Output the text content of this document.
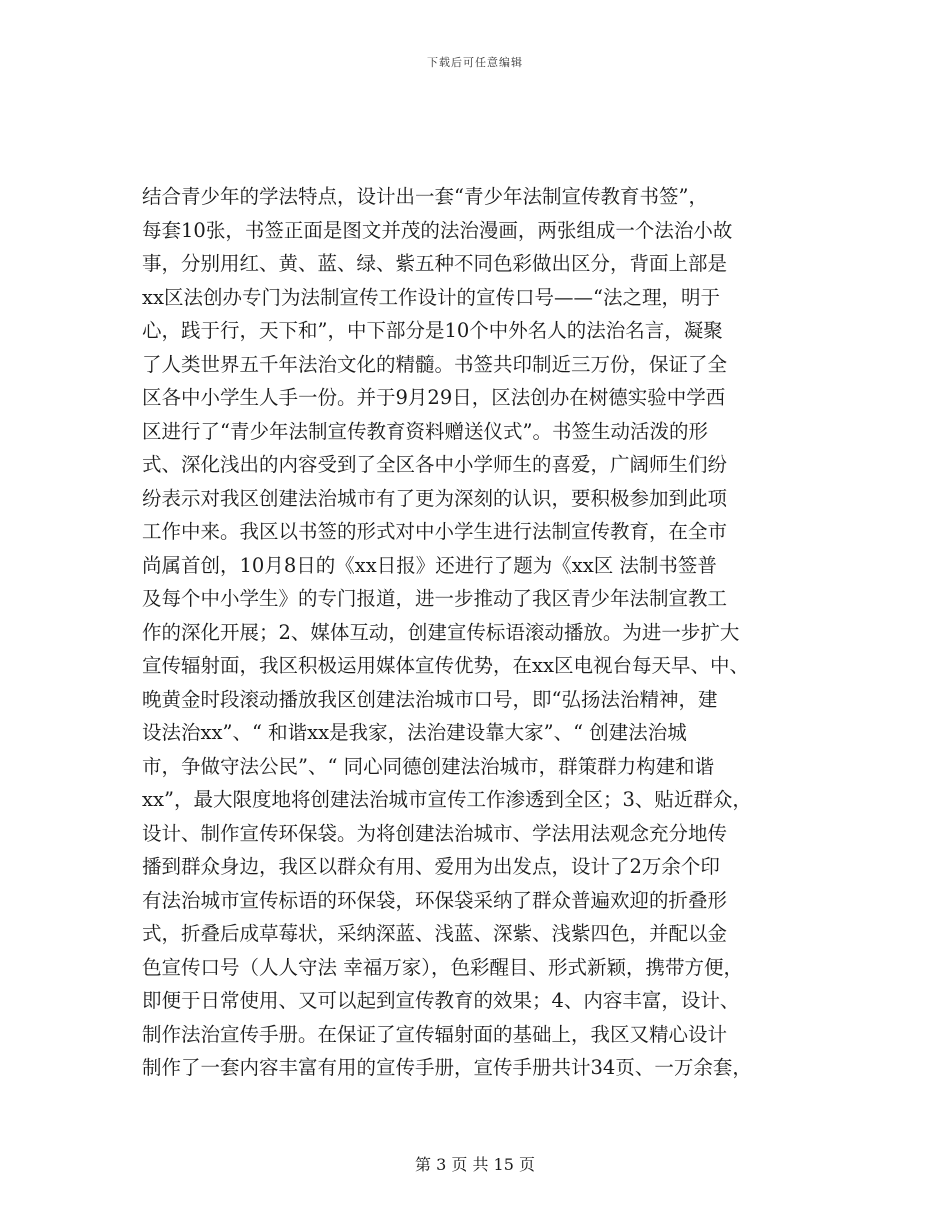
下载后可任意编辑
结合青少年的学法特点，设计出一套“青少年法制宣传教育书签”，
每套10张，书签正面是图文并茂的法治漫画，两张组成一个法治小故
事，分别用红、黄、蓝、绿、紫五种不同色彩做出区分，背面上部是
xx区法创办专门为法制宣传工作设计的宣传口号——“法之理，明于
心，践于行，天下和”，中下部分是10个中外名人的法治名言，凝聚
了人类世界五千年法治文化的精髓。书签共印制近三万份，保证了全
区各中小学生人手一份。并于9月29日，区法创办在树德实验中学西
区进行了“青少年法制宣传教育资料赠送仪式”。书签生动活泼的形
式、深化浅出的内容受到了全区各中小学师生的喜爱，广阔师生们纷
纷表示对我区创建法治城市有了更为深刻的认识，要积极参加到此项
工作中来。我区以书签的形式对中小学生进行法制宣传教育，在全市
尚属首创，10月8日的《xx日报》还进行了题为《xx区 法制书签普
及每个中小学生》的专门报道，进一步推动了我区青少年法制宣教工
作的深化开展；2、媒体互动，创建宣传标语滚动播放。为进一步扩大
宣传辐射面，我区积极运用媒体宣传优势，在xx区电视台每天早、中、
晚黄金时段滚动播放我区创建法治城市口号，即“弘扬法治精神，建
设法治xx”、“ 和谐xx是我家，法治建设靠大家”、“ 创建法治城
市，争做守法公民”、“ 同心同德创建法治城市，群策群力构建和谐
xx”，最大限度地将创建法治城市宣传工作渗透到全区；3、贴近群众，
设计、制作宣传环保袋。为将创建法治城市、学法用法观念充分地传
播到群众身边，我区以群众有用、爱用为出发点，设计了2万余个印
有法治城市宣传标语的环保袋，环保袋采纳了群众普遍欢迎的折叠形
式，折叠后成草莓状，采纳深蓝、浅蓝、深紫、浅紫四色，并配以金
色宣传口号（人人守法 幸福万家），色彩醒目、形式新颖，携带方便，
即便于日常使用、又可以起到宣传教育的效果；4、内容丰富，设计、
制作法治宣传手册。在保证了宣传辐射面的基础上，我区又精心设计
制作了一套内容丰富有用的宣传手册，宣传手册共计34页、一万余套，
第 3 页 共 15 页
